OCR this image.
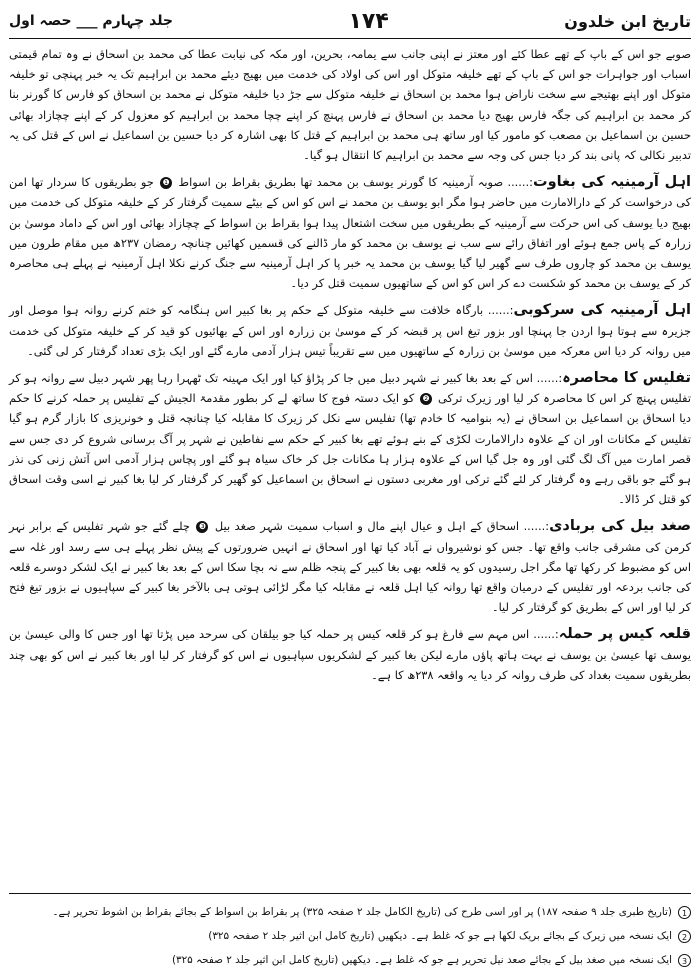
تاریخ ابن خلدون
۱۷۴
جلد چہارم ___ حصہ اول

صوبے جو اس کے باپ کے تھے عطا کئے اور معتز نے اپنی جانب سے یمامہ، بحرین، اور مکہ کی نیابت عطا کی محمد بن اسحاق نے وہ تمام قیمتی اسباب اور جواہرات جو اس کے باپ کے تھے خلیفہ متوکل اور اس کی اولاد کی خدمت میں بھیج دیئے محمد بن ابراہیم تک یہ خبر پہنچی تو خلیفہ متوکل اور اپنے بھتیجے سے سخت ناراض ہوا محمد بن اسحاق نے خلیفہ متوکل سے جڑ دیا خلیفہ متوکل نے محمد بن اسحاق کو فارس کا گورنر بنا کر محمد بن ابراہیم کی جگہ فارس بھیج دیا محمد بن اسحاق نے فارس پہنچ کر اپنے چچا محمد بن ابراہیم کو معزول کر کے اپنے چچازاد بھائی حسین بن اسماعیل بن مصعب کو مامور کیا اور ساتھ ہی محمد بن ابراہیم کے قتل کا بھی اشارہ کر دیا حسین بن اسماعیل نے اس کے قتل کی یہ تدبیر نکالی کہ پانی بند کر دیا جس کی وجہ سے محمد بن ابراہیم کا انتقال ہو گیا۔

اہل آرمینیہ کی بغاوت:...... صوبہ آرمینیہ کا گورنر یوسف بن محمد تھا بطریق بقراط بن اسواط ❶ جو بطریقوں کا سردار تھا امن کی درخواست کر کے دارالامارت میں حاضر ہوا مگر ابو یوسف بن محمد نے اس کو اس کے بیٹے سمیت گرفتار کر کے خلیفہ متوکل کی خدمت میں بھیج دیا یوسف کی اس حرکت سے آرمینیہ کے بطریقوں میں سخت اشتعال پیدا ہوا بقراط بن اسواط کے چچازاد بھائی اور اس کے داماد موسیٰ بن زرارہ کے پاس جمع ہوئے اور اتفاق رائے سے سب نے یوسف بن محمد کو مار ڈالنے کی قسمیں کھائیں چنانچہ رمضان ۲۳۷ھ میں مقام طرون میں یوسف بن محمد کو چاروں طرف سے گھیر لیا گیا یوسف بن محمد یہ خبر پا کر اہل آرمینیہ سے جنگ کرنے نکلا اہل آرمینیہ نے پہلے ہی محاصرہ کر کے یوسف بن محمد کو شکست دے کر اس کو اس کے ساتھیوں سمیت قتل کر دیا۔

اہل آرمینیہ کی سرکوبی:...... بارگاہ خلافت سے خلیفہ متوکل کے حکم پر بغا کبیر اس ہنگامہ کو ختم کرنے روانہ ہوا موصل اور جزیرہ سے ہوتا ہوا اردن جا پہنچا اور بزور تیغ اس پر قبضہ کر کے موسیٰ بن زرارہ اور اس کے بھائیوں کو قید کر کے خلیفہ متوکل کی خدمت میں روانہ کر دیا اس معرکہ میں موسیٰ بن زرارہ کے ساتھیوں میں سے تقریباً تیس ہزار آدمی مارے گئے اور ایک بڑی تعداد گرفتار کر لی گئی۔

تفلیس کا محاصرہ:...... اس کے بعد بغا کبیر نے شہر دبیل میں جا کر پڑاؤ کیا اور ایک مہینہ تک ٹھہرا رہا پھر شہر دبیل سے روانہ ہو کر تفلیس پہنچ کر اس کا محاصرہ کر لیا اور زیرک ترکی ❷ کو ایک دستہ فوج کا ساتھ لے کر بطور مقدمۃ الجیش کے تفلیس پر حملہ کرنے کا حکم دیا اسحاق بن اسماعیل بن اسحاق نے (یہ بنوامیہ کا خادم تھا) تفلیس سے نکل کر زیرک کا مقابلہ کیا چنانچہ قتل و خونریزی کا بازار گرم ہو گیا تفلیس کے مکانات اور ان کے علاوہ دارالامارت لکڑی کے بنے ہوئے تھے بغا کبیر کے حکم سے نفاطین نے شہر پر آگ برسانی شروع کر دی جس سے قصر امارت میں آگ لگ گئی اور وہ جل گیا اس کے علاوہ ہزار ہا مکانات جل کر خاک سیاہ ہو گئے اور پچاس ہزار آدمی اس آتش زنی کی نذر ہو گئے جو باقی رہے وہ گرفتار کر لئے گئے ترکی اور مغربی دستوں نے اسحاق بن اسماعیل کو گھیر کر گرفتار کر لیا بغا کبیر نے اسی وقت اسحاق کو قتل کر ڈالا۔

صغد بیل کی بربادی:...... اسحاق کے اہل و عیال اپنے مال و اسباب سمیت شہر صغد بیل ❸ چلے گئے جو شہر تفلیس کے برابر نہر کرمن کی مشرقی جانب واقع تھا۔ جس کو نوشیرواں نے آباد کیا تھا اور اسحاق نے انہیں ضرورتوں کے پیش نظر پہلے ہی سے رسد اور غلہ سے اس کو مضبوط کر رکھا تھا مگر اجل رسیدوں کو یہ قلعہ بھی بغا کبیر کے پنجہ ظلم سے نہ بچا سکا اس کے بعد بغا کبیر نے ایک لشکر دوسرے قلعہ کی جانب بردعہ اور تفلیس کے درمیان واقع تھا روانہ کیا اہل قلعہ نے مقابلہ کیا مگر لڑائی ہوتی ہی بالآخر بغا کبیر کے سپاہیوں نے بزور تیغ فتح کر لیا اور اس کے بطریق کو گرفتار کر لیا۔

قلعہ کیس پر حملہ:...... اس مہم سے فارغ ہو کر قلعہ کیس پر حملہ کیا جو بیلقان کی سرحد میں پڑتا تھا اور جس کا والی عیسیٰ بن یوسف تھا عیسیٰ بن یوسف نے بہت ہاتھ پاؤں مارے لیکن بغا کبیر کے لشکریوں سپاہیوں نے اس کو گرفتار کر لیا اور بغا کبیر نے اس کو بھی چند بطریقوں سمیت بغداد کی طرف روانہ کر دیا یہ واقعہ ۲۳۸ھ کا ہے۔

1(تاریخ طبری جلد ۹ صفحہ ۱۸۷) پر اور اسی طرح کی (تاریخ الکامل جلد ۲ صفحہ ۳۲۵) پر بقراط بن اسواط کے بجائے بقراط بن اشوط تحریر ہے۔
2ایک نسخہ میں زیرک کے بجائے بریک لکھا ہے جو کہ غلط ہے۔ دیکھیں (تاریخ کامل ابن اثیر جلد ۲ صفحہ ۳۲۵)
3ایک نسخہ میں صغد بیل کے بجائے صعد نیل تحریر ہے جو کہ غلط ہے۔ دیکھیں (تاریخ کامل ابن اثیر جلد ۲ صفحہ ۳۲۵)
